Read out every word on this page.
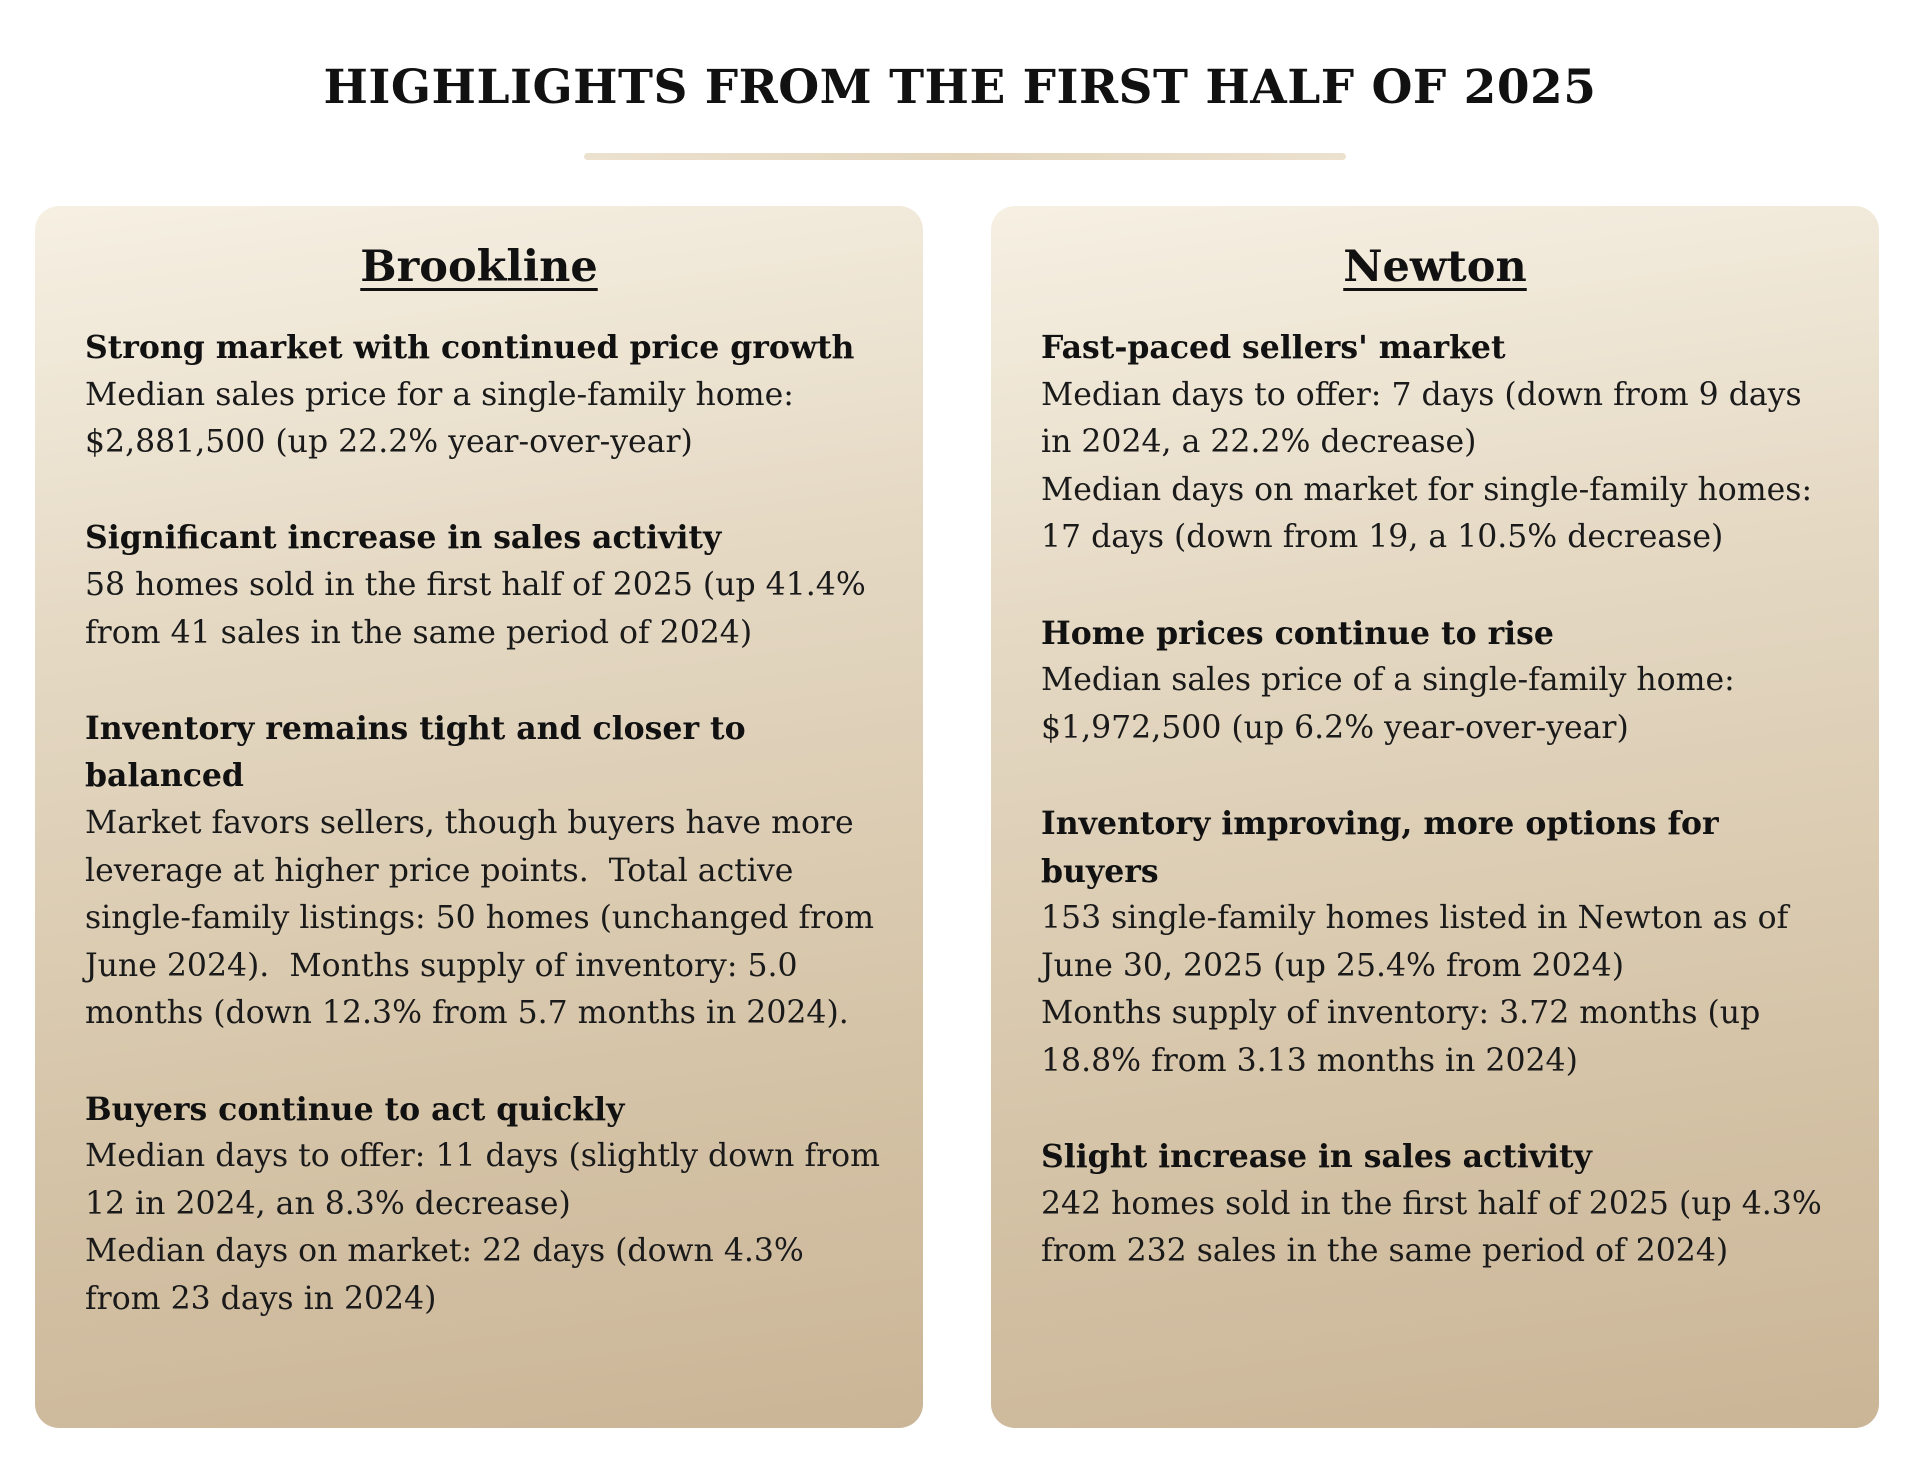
HIGHLIGHTS FROM THE FIRST HALF OF 2025
Brookline
Strong market with continued price growth
Median sales price for a single-family home: $2,881,500 (up 22.2% year-over-year)
Significant increase in sales activity
58 homes sold in the first half of 2025 (up 41.4% from 41 sales in the same period of 2024)
Inventory remains tight and closer to balanced
Market favors sellers, though buyers have more leverage at higher price points.  Total active single-family listings: 50 homes (unchanged from June 2024).  Months supply of inventory: 5.0 months (down 12.3% from 5.7 months in 2024).
Buyers continue to act quickly
Median days to offer: 11 days (slightly down from 12 in 2024, an 8.3% decrease)
Median days on market: 22 days (down 4.3% from 23 days in 2024)
Newton
Fast-paced sellers' market
Median days to offer: 7 days (down from 9 days in 2024, a 22.2% decrease)
Median days on market for single-family homes: 17 days (down from 19, a 10.5% decrease)
Home prices continue to rise
Median sales price of a single-family home: $1,972,500 (up 6.2% year-over-year)
Inventory improving, more options for buyers
153 single-family homes listed in Newton as of June 30, 2025 (up 25.4% from 2024)
Months supply of inventory: 3.72 months (up 18.8% from 3.13 months in 2024)
Slight increase in sales activity
242 homes sold in the first half of 2025 (up 4.3% from 232 sales in the same period of 2024)
